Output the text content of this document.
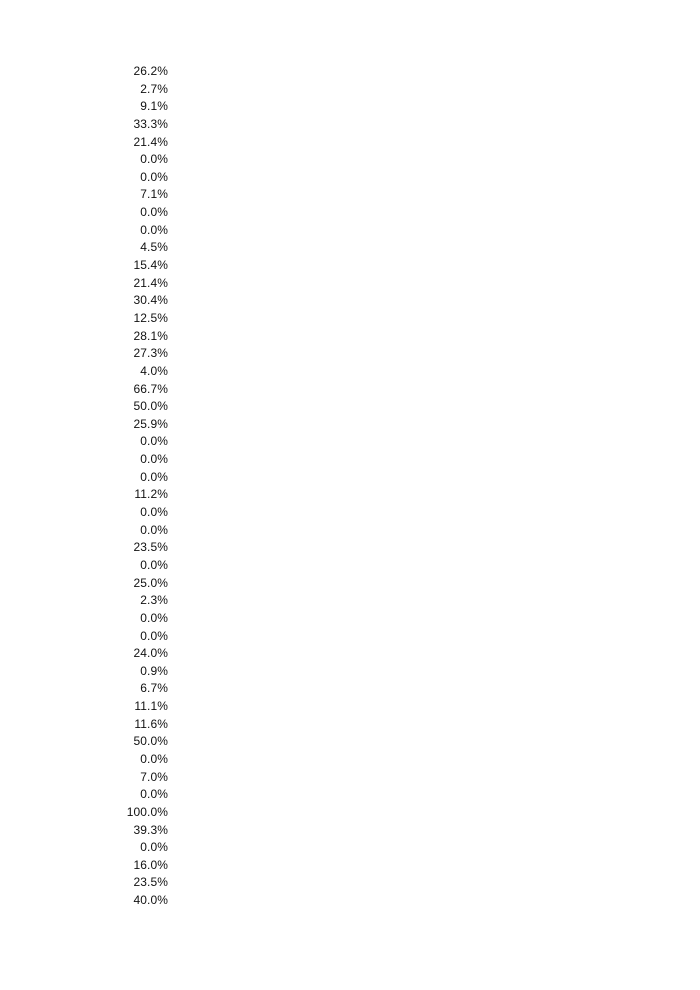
26.2%
2.7%
9.1%
33.3%
21.4%
0.0%
0.0%
7.1%
0.0%
0.0%
4.5%
15.4%
21.4%
30.4%
12.5%
28.1%
27.3%
4.0%
66.7%
50.0%
25.9%
0.0%
0.0%
0.0%
11.2%
0.0%
0.0%
23.5%
0.0%
25.0%
2.3%
0.0%
0.0%
24.0%
0.9%
6.7%
11.1%
11.6%
50.0%
0.0%
7.0%
0.0%
100.0%
39.3%
0.0%
16.0%
23.5%
40.0%
